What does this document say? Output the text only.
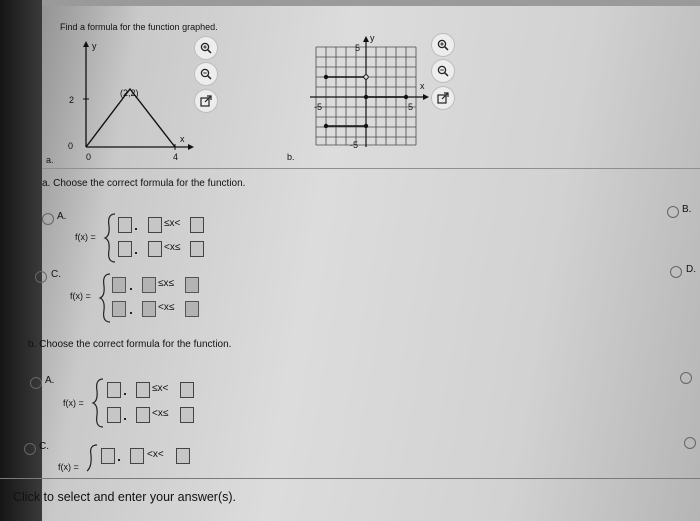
Find a formula for the function graphed.
y
x
(2,2)
2
0
0	4
a.
y
x
5
-5
-5	5
b.
a. Choose the correct formula for the function.
A.
f(x) =
≤x<
<x≤
B.
C.
f(x) =
≤x≤
<x≤
D.
b. Choose the correct formula for the function.
A.
f(x) =
≤x<
<x≤
C.
f(x) =
<x<
Click to select and enter your answer(s).
